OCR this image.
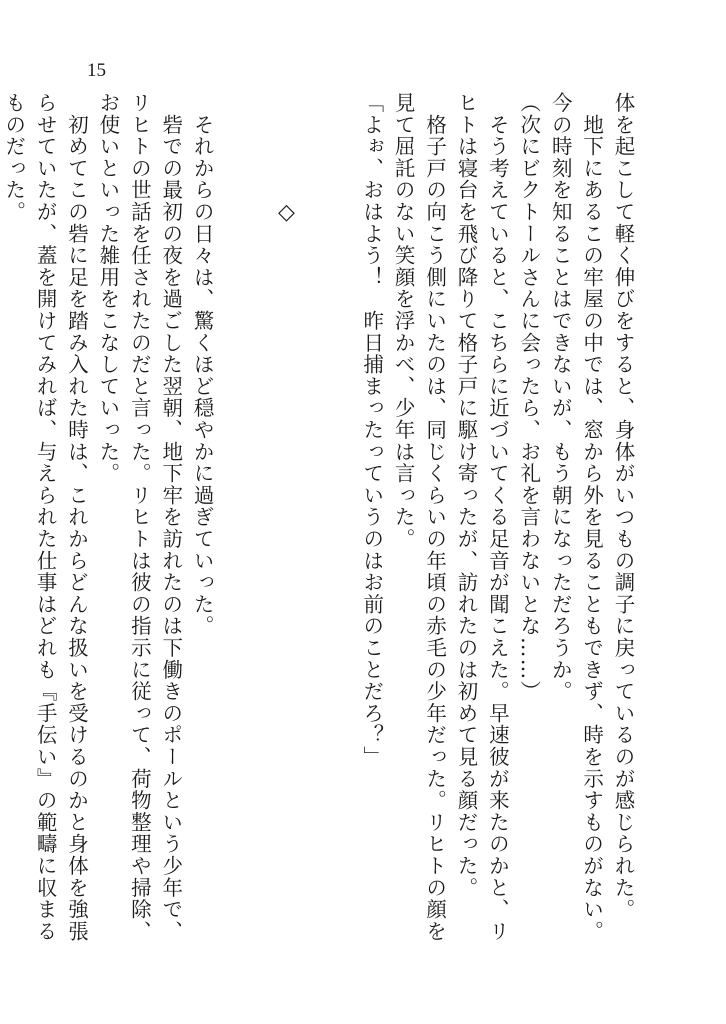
15

体を起こして軽く伸びをすると、身体がいつもの調子に戻っているのが感じられた。

　地下にあるこの牢屋の中では、窓から外を見ることもできず、時を示すものがない。今の時刻を知ることはできないが、もう朝になっただろうか。

（次にビクトールさんに会ったら、お礼を言わないとな……）

　そう考えていると、こちらに近づいてくる足音が聞こえた。早速彼が来たのかと、リヒトは寝台を飛び降りて格子戸に駆け寄ったが、訪れたのは初めて見る顔だった。

　格子戸の向こう側にいたのは、同じくらいの年頃の赤毛の少年だった。リヒトの顔を見て屈託のない笑顔を浮かべ、少年は言った。

「よぉ、おはよう！　昨日捕まったっていうのはお前のことだろ？」

◇

　それからの日々は、驚くほど穏やかに過ぎていった。

　砦での最初の夜を過ごした翌朝、地下牢を訪れたのは下働きのポールという少年で、リヒトの世話を任されたのだと言った。リヒトは彼の指示に従って、荷物整理や掃除、お使いといった雑用をこなしていった。

　初めてこの砦に足を踏み入れた時は、これからどんな扱いを受けるのかと身体を強張らせていたが、蓋を開けてみれば、与えられた仕事はどれも『手伝い』の範疇に収まるものだった。
